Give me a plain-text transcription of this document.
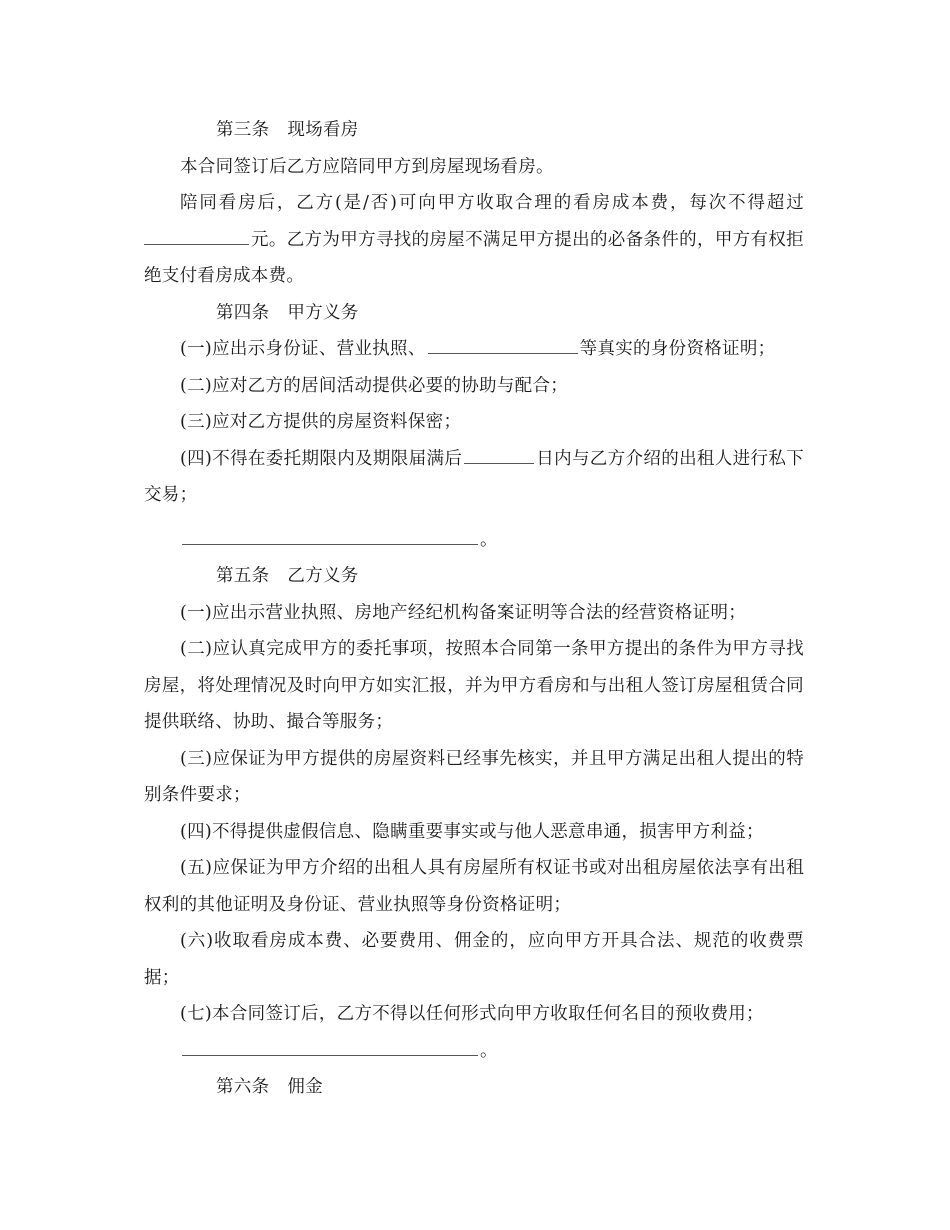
第三条 现场看房

本合同签订后乙方应陪同甲方到房屋现场看房。

陪同看房后，乙方(是/否)可向甲方收取合理的看房成本费，每次不得超过元。乙方为甲方寻找的房屋不满足甲方提出的必备条件的，甲方有权拒绝支付看房成本费。

第四条 甲方义务

(一)应出示身份证、营业执照、	等真实的身份资格证明；

(二)应对乙方的居间活动提供必要的协助与配合；

(三)应对乙方提供的房屋资料保密；

(四)不得在委托期限内及期限届满后	日内与乙方介绍的出租人进行私下交易；

。

第五条 乙方义务

(一)应出示营业执照、房地产经纪机构备案证明等合法的经营资格证明；

(二)应认真完成甲方的委托事项，按照本合同第一条甲方提出的条件为甲方寻找房屋，将处理情况及时向甲方如实汇报，并为甲方看房和与出租人签订房屋租赁合同提供联络、协助、撮合等服务；

(三)应保证为甲方提供的房屋资料已经事先核实，并且甲方满足出租人提出的特别条件要求；

(四)不得提供虚假信息、隐瞒重要事实或与他人恶意串通，损害甲方利益；

(五)应保证为甲方介绍的出租人具有房屋所有权证书或对出租房屋依法享有出租权利的其他证明及身份证、营业执照等身份资格证明；

(六)收取看房成本费、必要费用、佣金的，应向甲方开具合法、规范的收费票据；

(七)本合同签订后，乙方不得以任何形式向甲方收取任何名目的预收费用；

。

第六条 佣金
